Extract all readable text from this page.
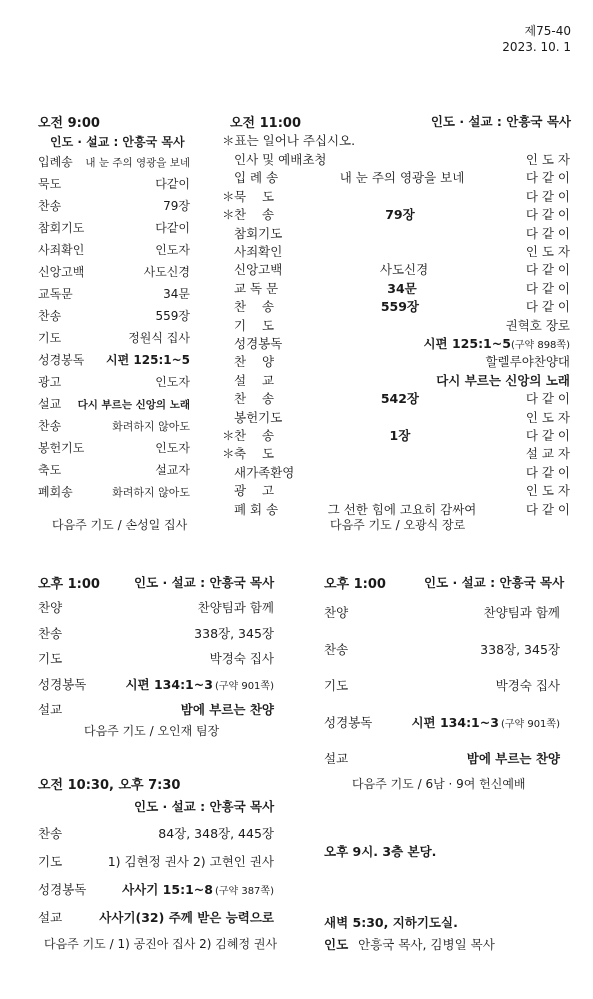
제75-40
2023. 10. 1
오전 9:00
인도 · 설교 : 안흥국 목사
입례송 ····· 내 눈 주의 영광을 보네
묵도 ·····	다같이
찬송 ·····	79장
참회기도 ·····	다같이
사죄확인 ·····	인도자
신앙고백 ·····	사도신경
교독문 ·····	34문
찬송 ·····	559장
기도 ·····	정원식 집사
성경봉독 ····· 시편 125:1~5
광고 ·····	인도자
설교 ····· 다시 부르는 신앙의 노래
찬송 ·····	화려하지 않아도
봉헌기도 ·····	인도자
축도 ·····	설교자
폐회송 ·····	화려하지 않아도
다음주 기도 / 손성일 집사
오전 11:00	인도 · 설교 : 안흥국 목사
＊표는 일어나 주십시오.
인사 및 예배초청 ·····	인 도 자
입 례 송 ·····	내 눈 주의 영광을 보네 ·····	다 같 이
＊ 묵    도 ·····	다 같 이
＊ 찬    송 ·····	79장 ·····	다 같 이
참회기도 ·····	다 같 이
사죄확인 ·····	인 도 자
신앙고백 ·····	사도신경 ·····	다 같 이
교 독 문 ·····	34문 ·····	다 같 이
찬    송 ·····	559장 ·····	다 같 이
기    도 ·····	권혁호 장로
성경봉독 ·····	시편 125:1~5 (구약 898쪽)
찬    양 ·····	할렐루야찬양대
설    교 ·····	다시 부르는 신앙의 노래
찬    송 ·····	542장 ·····	다 같 이
봉헌기도 ·····	인 도 자
＊ 찬    송 ·····	1장 ·····	다 같 이
＊ 축    도 ·····	설 교 자
새가족환영 ·····	다 같 이
광    고 ·····	인 도 자
폐 회 송 ·····	그 선한 힘에 고요히 감싸여 ·····	다 같 이
다음주 기도 / 오광식 장로
오후 1:00	인도 · 설교 : 안흥국 목사
찬양 ·····	찬양팀과 함께
찬송 ·····	338장, 345장
기도 ·····	박경숙 집사
성경봉독 ·····	시편 134:1~3 (구약 901쪽)
설교 ·····	밤에 부르는 찬양
다음주 기도 / 오인재 팀장
오후 1:00	인도 · 설교 : 안흥국 목사
찬양 ·····	찬양팀과 함께
찬송 ·····	338장, 345장
기도 ·····	박경숙 집사
성경봉독 ·····	시편 134:1~3 (구약 901쪽)
설교 ·····	밤에 부르는 찬양
다음주 기도 / 6남 · 9여 헌신예배
오전 10:30, 오후 7:30
인도 · 설교 : 안흥국 목사
찬송 ·····	84장, 348장, 445장
기도 ·····	1) 김현정 권사 2) 고현인 권사
성경봉독 ·····	사사기 15:1~8 (구약 387쪽)
설교 ·····	사사기(32) 주께 받은 능력으로
다음주 기도 / 1) 공진아 집사 2) 김혜정 권사
오후 9시. 3층 본당.
새벽 5:30, 지하기도실.
인도 안흥국 목사, 김병일 목사
